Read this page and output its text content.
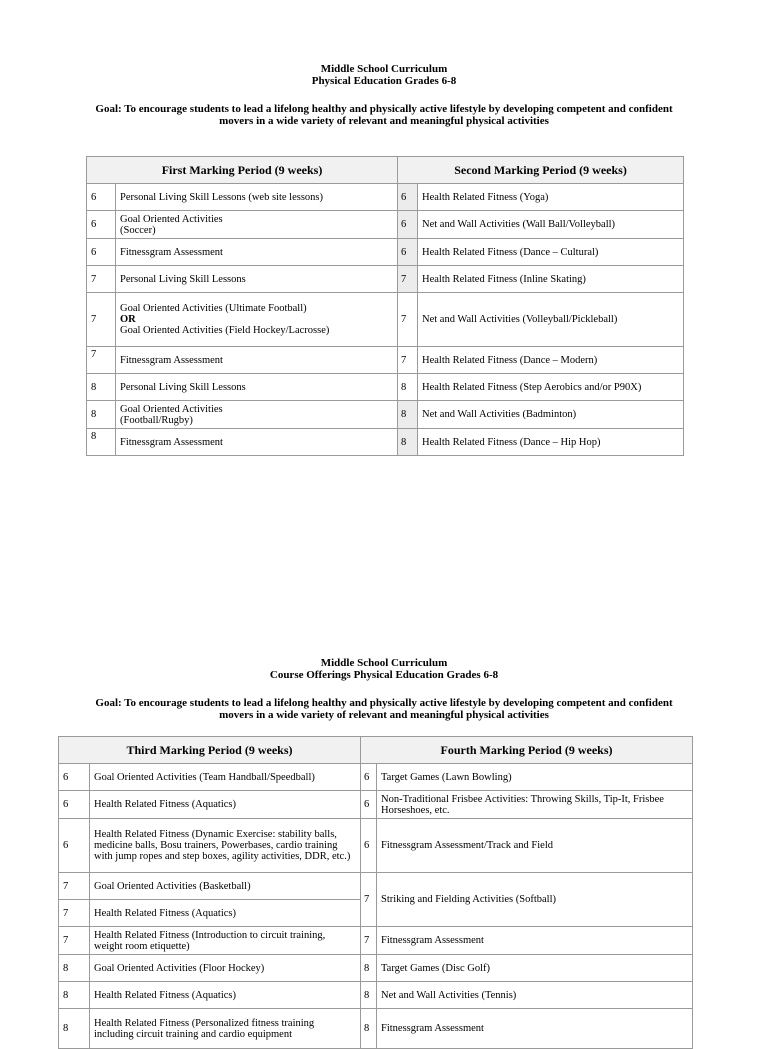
Middle School Curriculum
Physical Education Grades 6-8
Goal: To encourage students to lead a lifelong healthy and physically active lifestyle by developing competent and confident
movers in a wide variety of relevant and meaningful physical activities
First Marking Period (9 weeks)		Second Marking Period (9 weeks)	
6	Personal Living Skill Lessons (web site lessons)	6	Health Related Fitness (Yoga)
6	Goal Oriented Activities
(Soccer)	6	Net and Wall Activities (Wall Ball/Volleyball)
6	Fitnessgram Assessment	6	Health Related Fitness (Dance – Cultural)
7	Personal Living Skill Lessons	7	Health Related Fitness (Inline Skating)
7	Goal Oriented Activities (Ultimate Football)
OR
Goal Oriented Activities (Field Hockey/Lacrosse)	7	Net and Wall Activities (Volleyball/Pickleball)
7	Fitnessgram Assessment	7	Health Related Fitness (Dance – Modern)
8	Personal Living Skill Lessons	8	Health Related Fitness (Step Aerobics and/or P90X)
8	Goal Oriented Activities
(Football/Rugby)	8	Net and Wall Activities (Badminton)
8	Fitnessgram Assessment	8	Health Related Fitness (Dance – Hip Hop)
Middle School Curriculum
Course Offerings Physical Education Grades 6-8
Goal: To encourage students to lead a lifelong healthy and physically active lifestyle by developing competent and confident
movers in a wide variety of relevant and meaningful physical activities
Third Marking Period (9 weeks)		Fourth Marking Period (9 weeks)	
6	Goal Oriented Activities (Team Handball/Speedball)	6	Target Games (Lawn Bowling)
6	Health Related Fitness (Aquatics)	6	Non-Traditional Frisbee Activities: Throwing Skills, Tip-It, Frisbee Horseshoes, etc.
6	Health Related Fitness (Dynamic Exercise: stability balls, medicine balls, Bosu trainers, Powerbases, cardio training with jump ropes and step boxes, agility activities, DDR, etc.)	6	Fitnessgram Assessment/Track and Field
7	Goal Oriented Activities (Basketball)	7	Striking and Fielding Activities (Softball)
7	Health Related Fitness (Aquatics)		
7	Health Related Fitness (Introduction to circuit training, weight room etiquette)	7	Fitnessgram Assessment
8	Goal Oriented Activities (Floor Hockey)	8	Target Games (Disc Golf)
8	Health Related Fitness (Aquatics)	8	Net and Wall Activities (Tennis)
8	Health Related Fitness (Personalized fitness training including circuit training and cardio equipment	8	Fitnessgram Assessment
